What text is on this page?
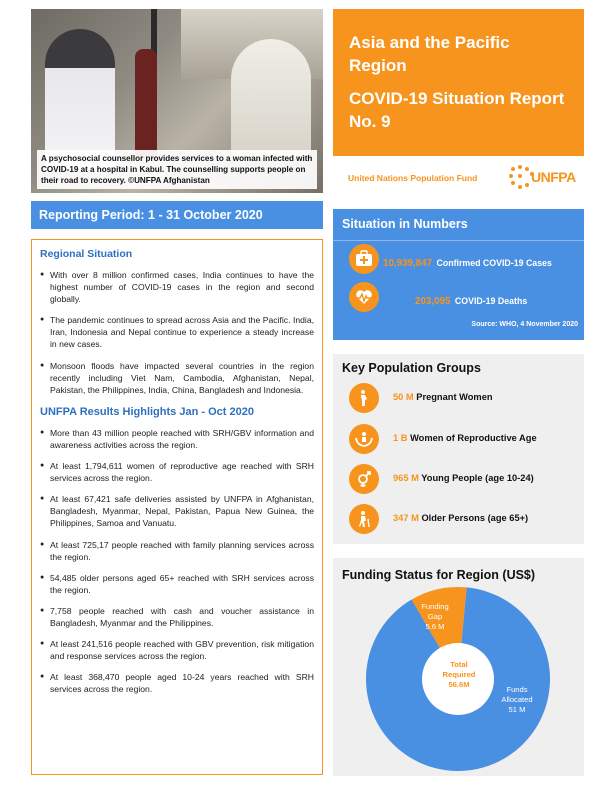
A psychosocial counsellor provides services to a woman infected with COVID-19 at a hospital in Kabul. The counselling supports people on their road to recovery. ©UNFPA Afghanistan
Asia and the Pacific Region
COVID-19 Situation Report No. 9
United Nations Population Fund	UNFPA
Reporting Period: 1 - 31 October 2020
Regional Situation
● With over 8 million confirmed cases, India continues to have the highest number of COVID-19 cases in the region and second globally.
● The pandemic continues to spread across Asia and the Pacific. India, Iran, Indonesia and Nepal continue to experience a steady increase in new cases.
● Monsoon floods have impacted several countries in the region recently including Viet Nam, Cambodia, Afghanistan, Nepal, Pakistan, the Philippines, India, China, Bangladesh and Indonesia.
UNFPA Results Highlights Jan - Oct 2020
● More than 43 million people reached with SRH/GBV information and awareness activities across the region.
● At least 1,794,611 women of reproductive age reached with SRH services across the region.
● At least 67,421 safe deliveries assisted by UNFPA in Afghanistan, Bangladesh, Myanmar, Nepal, Pakistan, Papua New Guinea, the Philippines, Samoa and Vanuatu.
● At least 725,17 people reached with family planning services across the region.
● 54,485 older persons aged 65+ reached with SRH services across the region.
● 7,758 people reached with cash and voucher assistance in Bangladesh, Myanmar and the Philippines.
● At least 241,516 people reached with GBV prevention, risk mitigation and response services across the region.
● At least 368,470 people aged 10-24 years reached with SRH services across the region.
Situation in Numbers
10,939,847 Confirmed COVID-19 Cases
203,095 COVID-19 Deaths
Source: WHO, 4 November 2020
Key Population Groups
50 M Pregnant Women
1 B Women of Reproductive Age
965 M Young People (age 10-24)
347 M Older Persons (age 65+)
Funding Status for Region (US$)
Funding
Gap
5.6 M
Total
Required
56.6M
Funds
Allocated
51 M
